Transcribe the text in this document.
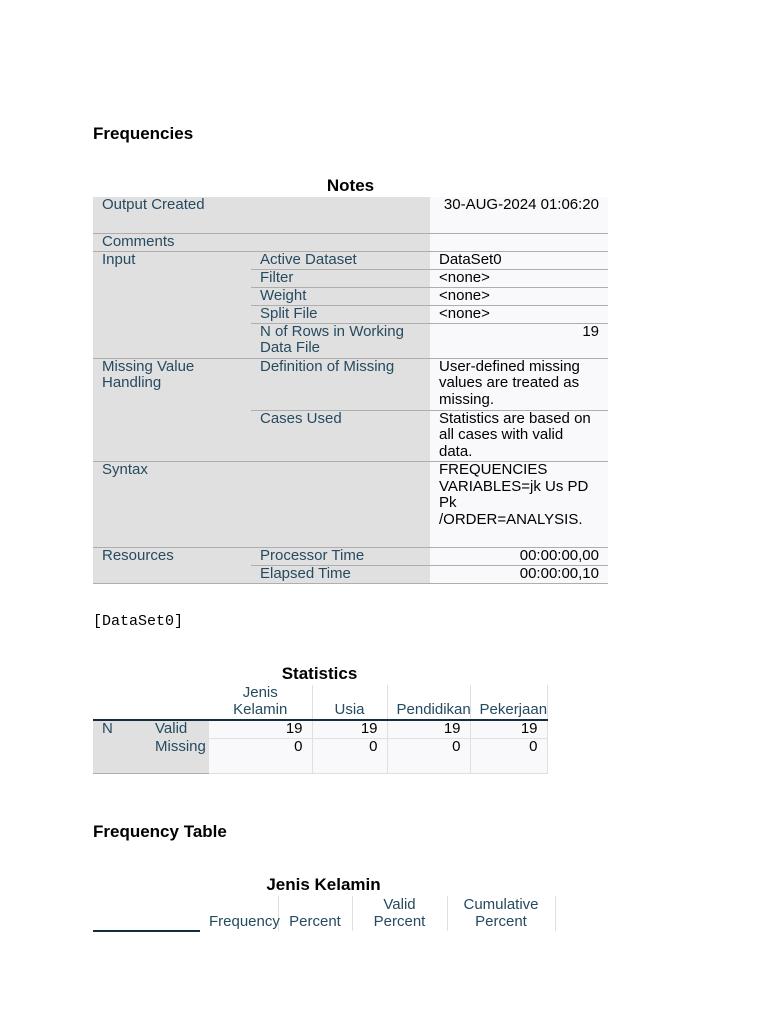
Frequencies
Notes
Output Created		30-AUG-2024 01:06:20
Comments		
Input	Active Dataset	DataSet0
	Filter	<none>
	Weight	<none>
	Split File	<none>
	N of Rows in Working Data File	19
Missing Value Handling	Definition of Missing	User-defined missing values are treated as missing.
	Cases Used	Statistics are based on all cases with valid data.
Syntax		FREQUENCIES VARIABLES=jk Us PD Pk /ORDER=ANALYSIS.
Resources	Processor Time	00:00:00,00
	Elapsed Time	00:00:00,10
[DataSet0]
Statistics
		Jenis Kelamin	Usia	Pendidikan	Pekerjaan
N	Valid	19	19	19	19
	Missing	0	0	0	0
Frequency Table
Jenis Kelamin
	Frequency	Percent	Valid Percent	Cumulative Percent
